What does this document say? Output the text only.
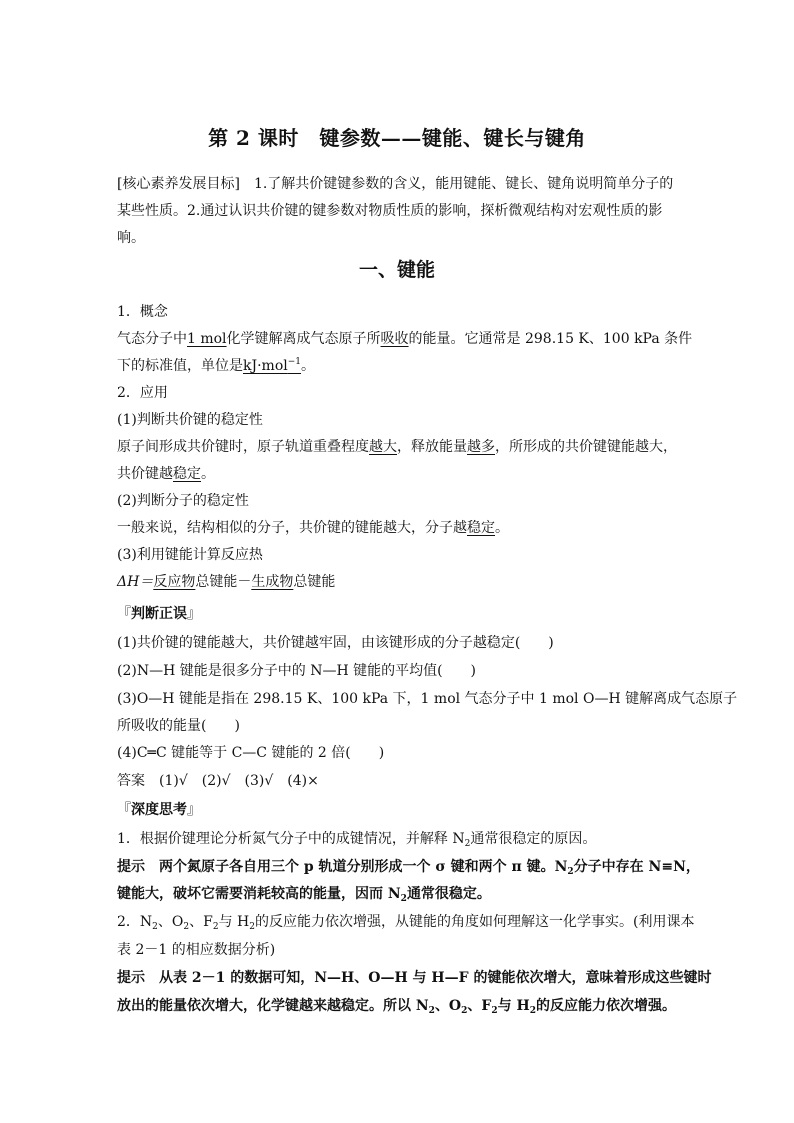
第 2 课时　键参数——键能、键长与键角
[核心素养发展目标] 1.了解共价键键参数的含义，能用键能、键长、键角说明简单分子的某些性质。2.通过认识共价键的键参数对物质性质的影响，探析微观结构对宏观性质的影响。
一、键能
1．概念
气态分子中1 mol化学键解离成气态原子所吸收的能量。它通常是 298.15 K、100 kPa 条件
下的标准值，单位是kJ·mol$^{-1}$。
2．应用
(1)判断共价键的稳定性
原子间形成共价键时，原子轨道重叠程度越大，释放能量越多，所形成的共价键键能越大，
共价键越稳定。
(2)判断分子的稳定性
一般来说，结构相似的分子，共价键的键能越大，分子越稳定。
(3)利用键能计算反应热
ΔH＝反应物总键能－生成物总键能
『判断正误』
(1)共价键的键能越大，共价键越牢固，由该键形成的分子越稳定(　　)
(2)N—H 键能是很多分子中的 N—H 键能的平均值(　　)
(3)O—H 键能是指在 298.15 K、100 kPa 下，1 mol 气态分子中 1 mol O—H 键解离成气态原子
所吸收的能量(　　)
(4)C═C 键能等于 C—C 键能的 2 倍(　　)
答案　(1)√　(2)√　(3)√　(4)×
『深度思考』
1．根据价键理论分析氮气分子中的成键情况，并解释 $N_2$通常很稳定的原因。
提示　两个氮原子各自用三个 p 轨道分别形成一个 σ 键和两个 π 键。$N_2$分子中存在 N≡N，
键能大，破坏它需要消耗较高的能量，因而 $N_2$通常很稳定。
2．$N_2$、$O_2$、$F_2$与 $H_2$的反应能力依次增强，从键能的角度如何理解这一化学事实。(利用课本
表 2－1 的相应数据分析)
提示　从表 2－1 的数据可知，N—H、O—H 与 H—F 的键能依次增大，意味着形成这些键时
放出的能量依次增大，化学键越来越稳定。所以 $N_2$、$O_2$、$F_2$与 $H_2$的反应能力依次增强。
